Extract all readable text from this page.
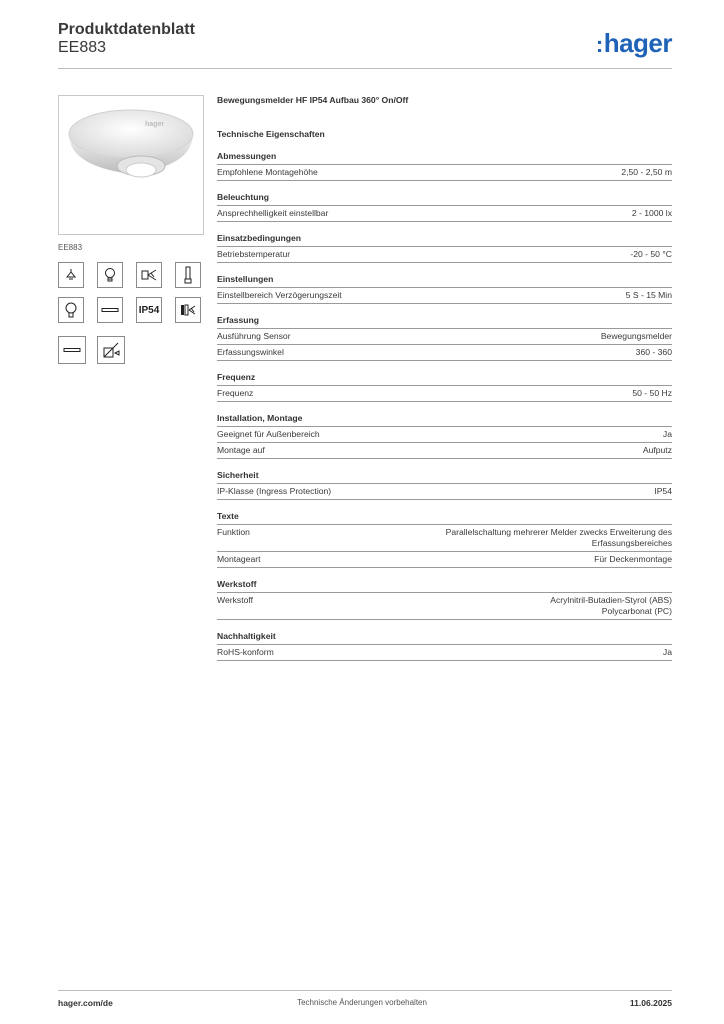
Produktdatenblatt
EE883	:hager
hager
EE883
IP54
Bewegungsmelder HF IP54 Aufbau 360° On/Off
Technische Eigenschaften
Abmessungen
Empfohlene Montagehöhe	2,50 - 2,50 m
Beleuchtung
Ansprechhelligkeit einstellbar	2 - 1000 lx
Einsatzbedingungen
Betriebstemperatur	-20 - 50 °C
Einstellungen
Einstellbereich Verzögerungszeit	5 S - 15 Min
Erfassung
Ausführung Sensor	Bewegungsmelder
Erfassungswinkel	360 - 360
Frequenz
Frequenz	50 - 50 Hz
Installation, Montage
Geeignet für Außenbereich	Ja
Montage auf	Aufputz
Sicherheit
IP-Klasse (Ingress Protection)	IP54
Texte
Funktion	Parallelschaltung mehrerer Melder zwecks Erweiterung des
Erfassungsbereiches
Montageart	Für Deckenmontage
Werkstoff
Werkstoff	Acrylnitril-Butadien-Styrol (ABS)
Polycarbonat (PC)
Nachhaltigkeit
RoHS-konform	Ja
hager.com/de	Technische Änderungen vorbehalten	11.06.2025
